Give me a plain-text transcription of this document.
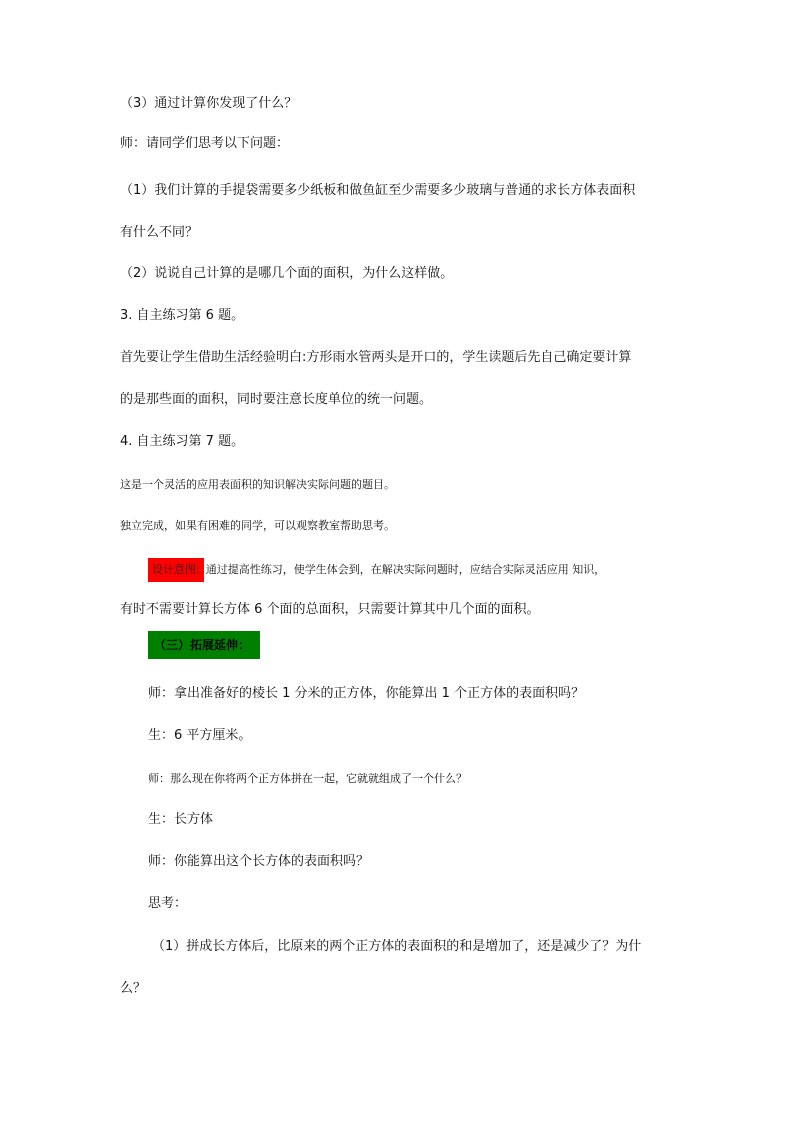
（3）通过计算你发现了什么？

师：请同学们思考以下问题：

（1）我们计算的手提袋需要多少纸板和做鱼缸至少需要多少玻璃与普通的求长方体表面积

有什么不同？

（2）说说自己计算的是哪几个面的面积，为什么这样做。

3. 自主练习第 6 题。

首先要让学生借助生活经验明白:方形雨水管两头是开口的，学生读题后先自己确定要计算

的是那些面的面积，同时要注意长度单位的统一问题。

4. 自主练习第 7 题。

这是一个灵活的应用表面积的知识解决实际问题的题目。

独立完成，如果有困难的同学，可以观察教室帮助思考。

设计意图: 通过提高性练习，使学生体会到，在解决实际问题时，应结合实际灵活应用 知识，

有时不需要计算长方体 6 个面的总面积，只需要计算其中几个面的面积。

（三）拓展延伸：

师：拿出准备好的棱长 1 分米的正方体，你能算出 1 个正方体的表面积吗？

生：6 平方厘米。

师：那么现在你将两个正方体拼在一起，它就就组成了一个什么？

生：长方体

师：你能算出这个长方体的表面积吗？

思考：

（1）拼成长方体后，比原来的两个正方体的表面积的和是增加了，还是减少了？为什

么？
